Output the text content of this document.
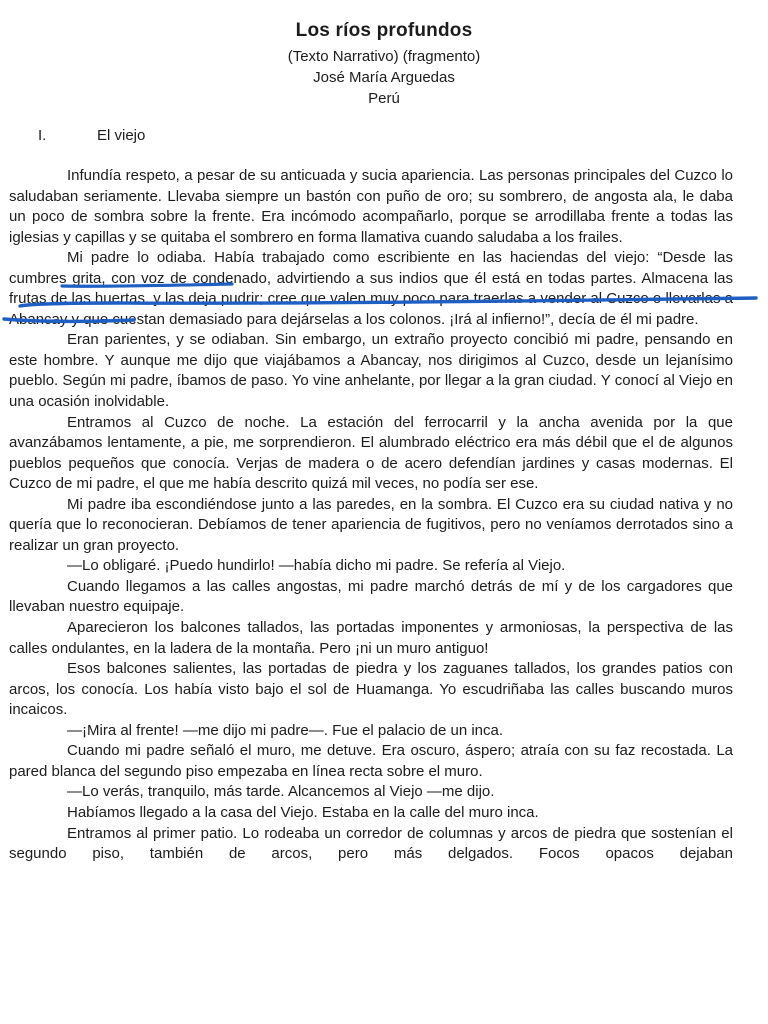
Los ríos profundos
(Texto Narrativo) (fragmento)
José María Arguedas
Perú
I.	El viejo

Infundía respeto, a pesar de su anticuada y sucia apariencia. Las personas principales del Cuzco lo saludaban seriamente. Llevaba siempre un bastón con puño de oro; su sombrero, de angosta ala, le daba un poco de sombra sobre la frente. Era incómodo acompañarlo, porque se arrodillaba frente a todas las iglesias y capillas y se quitaba el sombrero en forma llamativa cuando saludaba a los frailes.

Mi padre lo odiaba. Había trabajado como escribiente en las haciendas del viejo: “Desde las cumbres grita, con voz de condenado, advirtiendo a sus indios que él está en todas partes. Almacena las frutas de las huertas, y las deja pudrir; cree que valen muy poco para traerlas a vender al Cuzco o llevarlas a Abancay y que cuestan demasiado para dejárselas a los colonos. ¡Irá al infierno!”, decía de él mi padre.

Eran parientes, y se odiaban. Sin embargo, un extraño proyecto concibió mi padre, pensando en este hombre. Y aunque me dijo que viajábamos a Abancay, nos dirigimos al Cuzco, desde un lejanísimo pueblo. Según mi padre, íbamos de paso. Yo vine anhelante, por llegar a la gran ciudad. Y conocí al Viejo en una ocasión inolvidable.

Entramos al Cuzco de noche. La estación del ferrocarril y la ancha avenida por la que avanzábamos lentamente, a pie, me sorprendieron. El alumbrado eléctrico era más débil que el de algunos pueblos pequeños que conocía. Verjas de madera o de acero defendían jardines y casas modernas. El Cuzco de mi padre, el que me había descrito quizá mil veces, no podía ser ese.

Mi padre iba escondiéndose junto a las paredes, en la sombra. El Cuzco era su ciudad nativa y no quería que lo reconocieran. Debíamos de tener apariencia de fugitivos, pero no veníamos derrotados sino a realizar un gran proyecto.

—Lo obligaré. ¡Puedo hundirlo! —había dicho mi padre. Se refería al Viejo.

Cuando llegamos a las calles angostas, mi padre marchó detrás de mí y de los cargadores que llevaban nuestro equipaje.

Aparecieron los balcones tallados, las portadas imponentes y armoniosas, la perspectiva de las calles ondulantes, en la ladera de la montaña. Pero ¡ni un muro antiguo!

Esos balcones salientes, las portadas de piedra y los zaguanes tallados, los grandes patios con arcos, los conocía. Los había visto bajo el sol de Huamanga. Yo escudriñaba las calles buscando muros incaicos.

—¡Mira al frente! —me dijo mi padre—. Fue el palacio de un inca.

Cuando mi padre señaló el muro, me detuve. Era oscuro, áspero; atraía con su faz recostada. La pared blanca del segundo piso empezaba en línea recta sobre el muro.

—Lo verás, tranquilo, más tarde. Alcancemos al Viejo —me dijo.

Habíamos llegado a la casa del Viejo. Estaba en la calle del muro inca.

Entramos al primer patio. Lo rodeaba un corredor de columnas y arcos de piedra que sostenían el segundo piso, también de arcos, pero más delgados. Focos opacos dejaban
